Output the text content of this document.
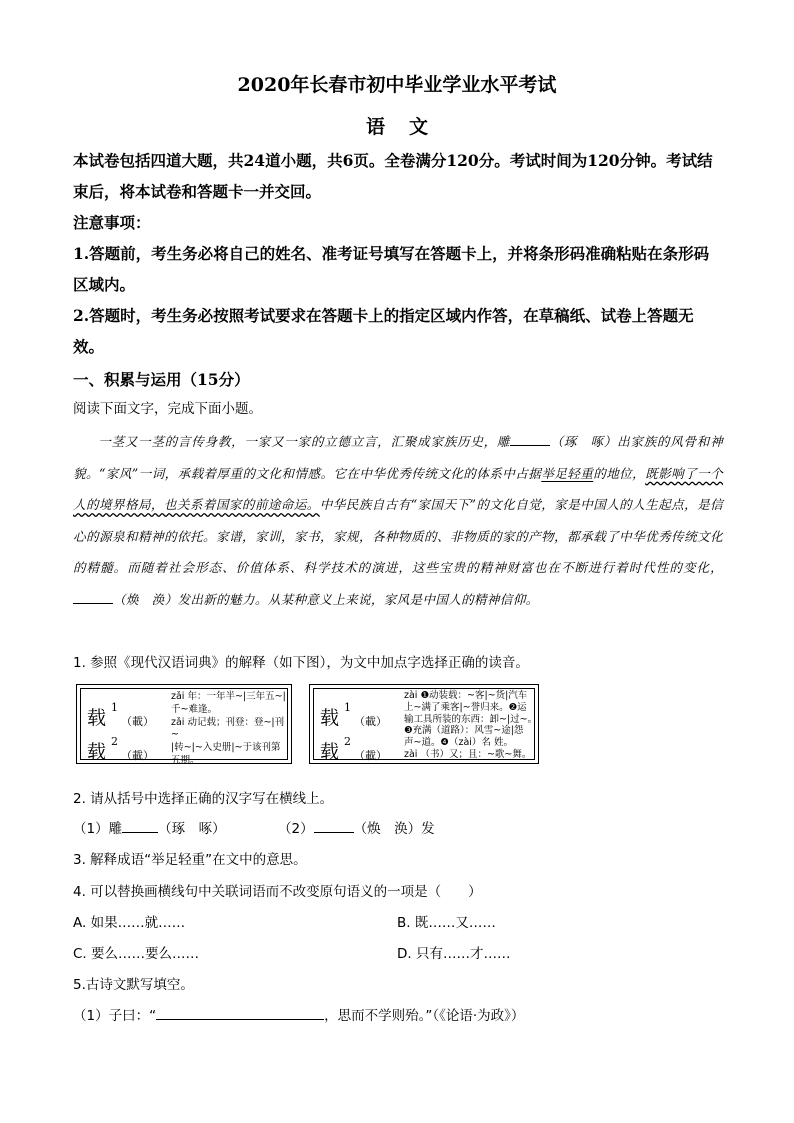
2020年长春市初中毕业学业水平考试
语文
本试卷包括四道大题，共24道小题，共6页。全卷满分120分。考试时间为120分钟。考试结束后，将本试卷和答题卡一并交回。
注意事项：
1.答题前，考生务必将自己的姓名、准考证号填写在答题卡上，并将条形码准确粘贴在条形码区域内。
2.答题时，考生务必按照考试要求在答题卡上的指定区域内作答，在草稿纸、试卷上答题无效。
一、积累与运用（15分）
阅读下面文字，完成下面小题。
一茎又一茎的言传身教，一家又一家的立德立言，汇聚成家族历史，雕	（琢　啄）出家族的风骨和神貌。“家风”一词，承载着厚重的文化和情感。它在中华优秀传统文化的体系中占据举足轻重的地位，既影响了一个人的境界格局，也关系着国家的前途命运。中华民族自古有“家国天下”的文化自觉，家是中国人的人生起点，是信心的源泉和精神的依托。家谱，家训，家书，家规，各种物质的、非物质的家的产物，都承载了中华优秀传统文化的精髓。而随着社会形态、价值体系、科学技术的演进，这些宝贵的精神财富也在不断进行着时代性的变化，（焕　涣）发出新的魅力。从某种意义上来说，家风是中国人的精神信仰。
1. 参照《现代汉语词典》的解释（如下图），为文中加点字选择正确的读音。
载 1
（載）
载 2
（載）
zǎi 年：一年半~|三年五~|
千~难逢。
zǎi 动记载；刊登：登~|刊~
|转~|~入史册|~于该刊第
五期。
载 1
（載）
载 2
（載）
zài ❶动装载：~客|~货|汽车
上~满了乘客|~誉归来。❷运
输工具所装的东西：卸~|过~。
❸充满（道路）：风雪~途|怨
声~道。❹（zài）名 姓。
zài （书）又；且：~歌~舞。
2. 请从括号中选择正确的汉字写在横线上。
（1）雕	（琢　啄）	（2）	（焕　涣）发
3. 解释成语“举足轻重”在文中的意思。
4. 可以替换画横线句中关联词语而不改变原句语义的一项是（　　）
A. 如果……就……	B. 既……又……
C. 要么……要么……	D. 只有……才……
5.古诗文默写填空。
（1）子曰：“	，思而不学则殆。”（《论语·为政》）
